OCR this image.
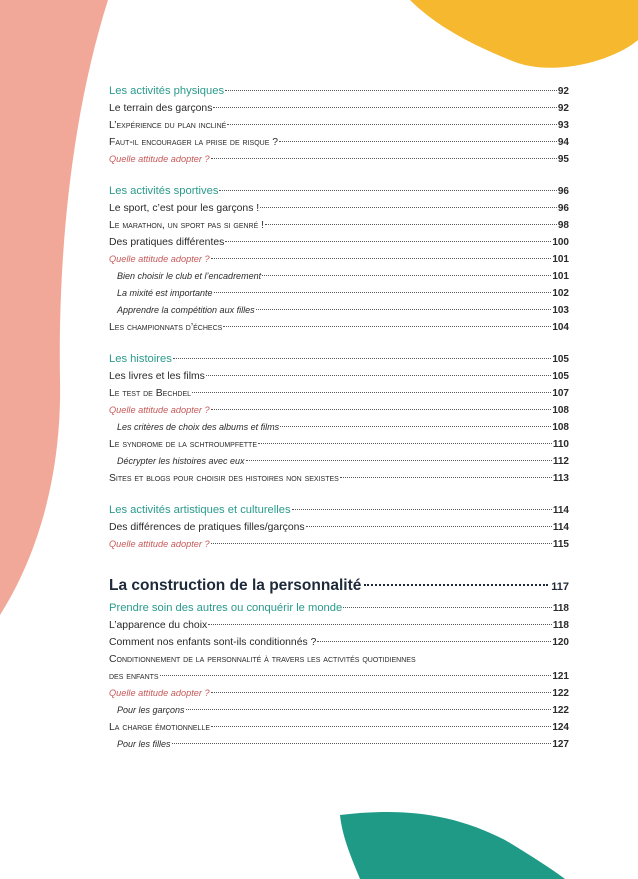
Les activités physiques	92
Le terrain des garçons	92
L’expérience du plan incliné	93
Faut-il encourager la prise de risque ?	94
Quelle attitude adopter ?	95
Les activités sportives	96
Le sport, c’est pour les garçons !	96
Le marathon, un sport pas si genré !	98
Des pratiques différentes	100
Quelle attitude adopter ?	101
Bien choisir le club et l’encadrement	101
La mixité est importante	102
Apprendre la compétition aux filles	103
Les championnats d’échecs	104
Les histoires	105
Les livres et les films	105
Le test de Bechdel	107
Quelle attitude adopter ?	108
Les critères de choix des albums et films	108
Le syndrome de la schtroumpfette	110
Décrypter les histoires avec eux	112
Sites et blogs pour choisir des histoires non sexistes	113
Les activités artistiques et culturelles	114
Des différences de pratiques filles/garçons	114
Quelle attitude adopter ?	115
La construction de la personnalité	117
Prendre soin des autres ou conquérir le monde	118
L’apparence du choix	118
Comment nos enfants sont-ils conditionnés ?	120
Conditionnement de la personnalité à travers les activités quotidiennes
des enfants	121
Quelle attitude adopter ?	122
Pour les garçons	122
La charge émotionnelle	124
Pour les filles	127
